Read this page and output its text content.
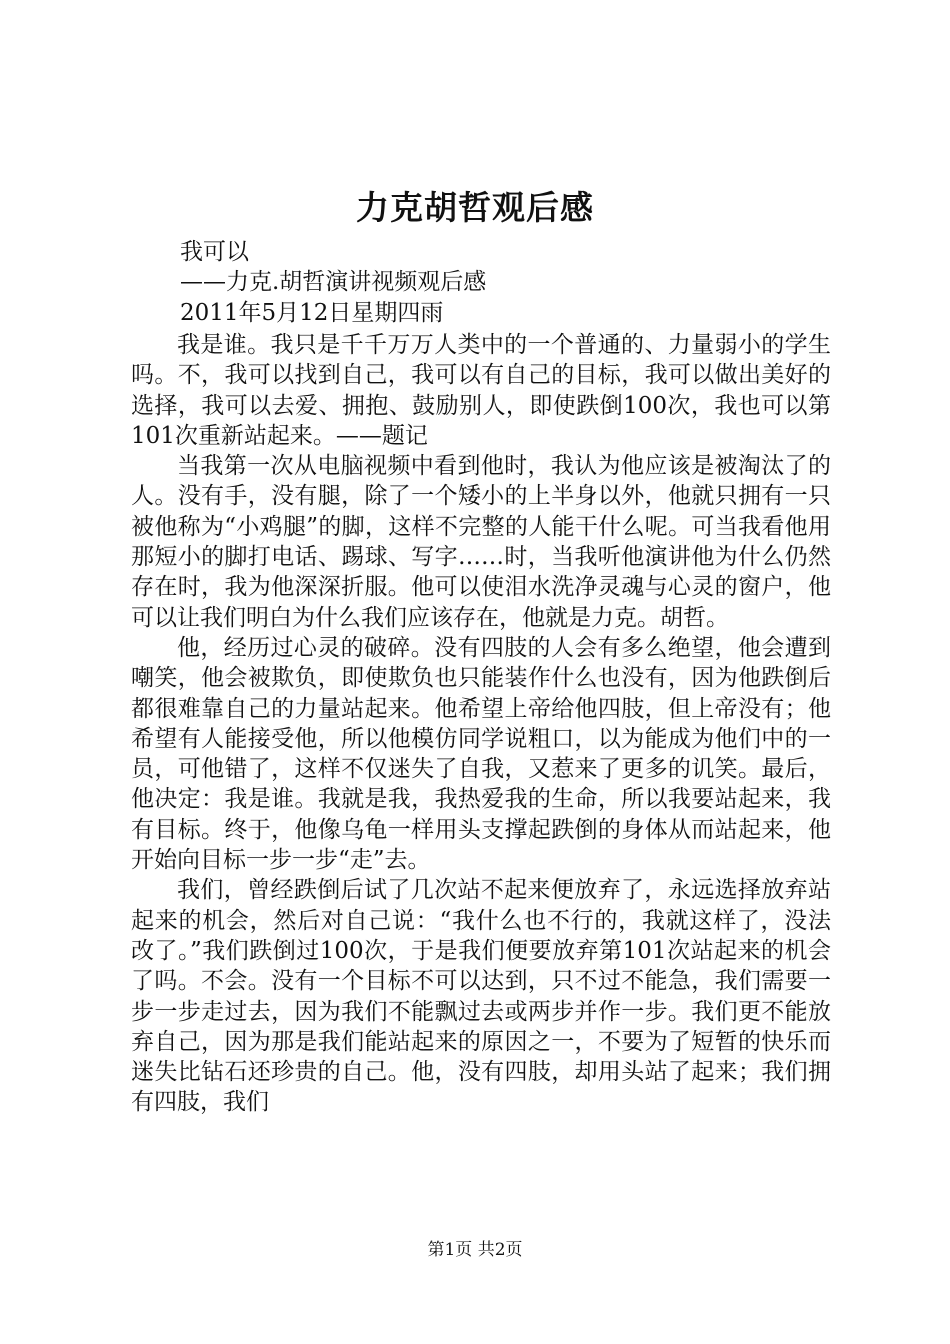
力克胡哲观后感
我可以
——力克.胡哲演讲视频观后感
2011年5月12日星期四雨

我是谁。我只是千千万万人类中的一个普通的、力量弱小的学生吗。不，我可以找到自己，我可以有自己的目标，我可以做出美好的选择，我可以去爱、拥抱、鼓励别人，即使跌倒100次，我也可以第101次重新站起来。——题记

当我第一次从电脑视频中看到他时，我认为他应该是被淘汰了的人。没有手，没有腿，除了一个矮小的上半身以外，他就只拥有一只被他称为“小鸡腿”的脚，这样不完整的人能干什么呢。可当我看他用那短小的脚打电话、踢球、写字……时，当我听他演讲他为什么仍然存在时，我为他深深折服。他可以使泪水洗净灵魂与心灵的窗户，他可以让我们明白为什么我们应该存在，他就是力克。胡哲。

他，经历过心灵的破碎。没有四肢的人会有多么绝望，他会遭到嘲笑，他会被欺负，即使欺负也只能装作什么也没有，因为他跌倒后都很难靠自己的力量站起来。他希望上帝给他四肢，但上帝没有；他希望有人能接受他，所以他模仿同学说粗口，以为能成为他们中的一员，可他错了，这样不仅迷失了自我，又惹来了更多的讥笑。最后，他决定：我是谁。我就是我，我热爱我的生命，所以我要站起来，我有目标。终于，他像乌龟一样用头支撑起跌倒的身体从而站起来，他开始向目标一步一步“走”去。

我们，曾经跌倒后试了几次站不起来便放弃了，永远选择放弃站起来的机会，然后对自己说：“我什么也不行的，我就这样了，没法改了。”我们跌倒过100次，于是我们便要放弃第101次站起来的机会了吗。不会。没有一个目标不可以达到，只不过不能急，我们需要一步一步走过去，因为我们不能飘过去或两步并作一步。我们更不能放弃自己，因为那是我们能站起来的原因之一，不要为了短暂的快乐而迷失比钻石还珍贵的自己。他，没有四肢，却用头站了起来；我们拥有四肢，我们

第1页 共2页
